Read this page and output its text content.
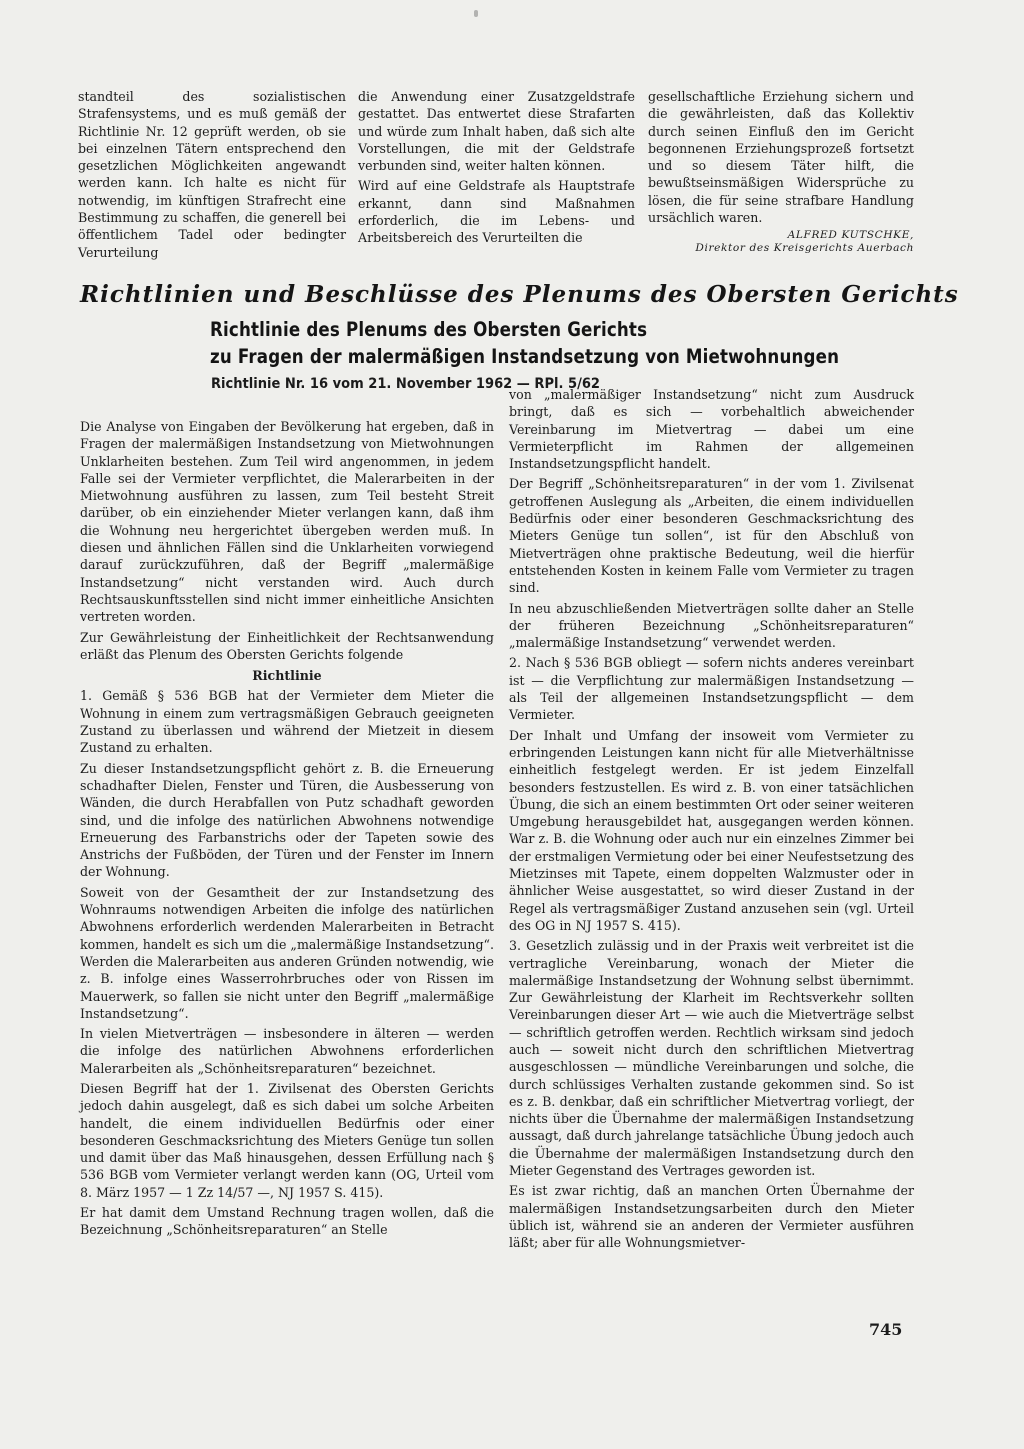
standteil des sozialistischen Strafensystems, und es muß gemäß der Richtlinie Nr. 12 geprüft werden, ob sie bei einzelnen Tätern entsprechend den gesetzlichen Möglichkeiten angewandt werden kann. Ich halte es nicht für notwendig, im künftigen Strafrecht eine Bestimmung zu schaffen, die generell bei öffentlichem Tadel oder bedingter Verurteilung

die Anwendung einer Zusatzgeldstrafe gestattet. Das entwertet diese Strafarten und würde zum Inhalt haben, daß sich alte Vorstellungen, die mit der Geldstrafe verbunden sind, weiter halten können.

Wird auf eine Geldstrafe als Hauptstrafe erkannt, dann sind Maßnahmen erforderlich, die im Lebens- und Arbeitsbereich des Verurteilten die

gesellschaftliche Erziehung sichern und die gewährleisten, daß das Kollektiv durch seinen Einfluß den im Gericht begonnenen Erziehungsprozeß fortsetzt und so diesem Täter hilft, die bewußtseinsmäßigen Widersprüche zu lösen, die für seine strafbare Handlung ursächlich waren.

ALFRED KUTSCHKE,
Direktor des Kreisgerichts Auerbach
Richtlinien und Beschlüsse des Plenums des Obersten Gerichts
Richtlinie des Plenums des Obersten Gerichts
zu Fragen der malermäßigen Instandsetzung von Mietwohnungen
Richtlinie Nr. 16 vom 21. November 1962 — RPl. 5/62

Die Analyse von Eingaben der Bevölkerung hat ergeben, daß in Fragen der malermäßigen Instandsetzung von Mietwohnungen Unklarheiten bestehen. Zum Teil wird angenommen, in jedem Falle sei der Vermieter verpflichtet, die Malerarbeiten in der Mietwohnung ausführen zu lassen, zum Teil besteht Streit darüber, ob ein einziehender Mieter verlangen kann, daß ihm die Wohnung neu hergerichtet übergeben werden muß. In diesen und ähnlichen Fällen sind die Unklarheiten vorwiegend darauf zurückzuführen, daß der Begriff „malermäßige Instandsetzung“ nicht verstanden wird. Auch durch Rechtsauskunftsstellen sind nicht immer einheitliche Ansichten vertreten worden.

Zur Gewährleistung der Einheitlichkeit der Rechtsanwendung erläßt das Plenum des Obersten Gerichts folgende

Richtlinie

1. Gemäß § 536 BGB hat der Vermieter dem Mieter die Wohnung in einem zum vertragsmäßigen Gebrauch geeigneten Zustand zu überlassen und während der Mietzeit in diesem Zustand zu erhalten.

Zu dieser Instandsetzungspflicht gehört z. B. die Erneuerung schadhafter Dielen, Fenster und Türen, die Ausbesserung von Wänden, die durch Herabfallen von Putz schadhaft geworden sind, und die infolge des natürlichen Abwohnens notwendige Erneuerung des Farbanstrichs oder der Tapeten sowie des Anstrichs der Fußböden, der Türen und der Fenster im Innern der Wohnung.

Soweit von der Gesamtheit der zur Instandsetzung des Wohnraums notwendigen Arbeiten die infolge des natürlichen Abwohnens erforderlich werdenden Malerarbeiten in Betracht kommen, handelt es sich um die „malermäßige Instandsetzung“. Werden die Malerarbeiten aus anderen Gründen notwendig, wie z. B. infolge eines Wasserrohrbruches oder von Rissen im Mauerwerk, so fallen sie nicht unter den Begriff „malermäßige Instandsetzung“.

In vielen Mietverträgen — insbesondere in älteren — werden die infolge des natürlichen Abwohnens erforderlichen Malerarbeiten als „Schönheitsreparaturen“ bezeichnet.

Diesen Begriff hat der 1. Zivilsenat des Obersten Gerichts jedoch dahin ausgelegt, daß es sich dabei um solche Arbeiten handelt, die einem individuellen Bedürfnis oder einer besonderen Geschmacksrichtung des Mieters Genüge tun sollen und damit über das Maß hinausgehen, dessen Erfüllung nach § 536 BGB vom Vermieter verlangt werden kann (OG, Urteil vom 8. März 1957 — 1 Zz 14/57 —, NJ 1957 S. 415).

Er hat damit dem Umstand Rechnung tragen wollen, daß die Bezeichnung „Schönheitsreparaturen“ an Stelle

von „malermäßiger Instandsetzung“ nicht zum Ausdruck bringt, daß es sich — vorbehaltlich abweichender Vereinbarung im Mietvertrag — dabei um eine Vermieterpflicht im Rahmen der allgemeinen Instandsetzungspflicht handelt.

Der Begriff „Schönheitsreparaturen“ in der vom 1. Zivilsenat getroffenen Auslegung als „Arbeiten, die einem individuellen Bedürfnis oder einer besonderen Geschmacksrichtung des Mieters Genüge tun sollen“, ist für den Abschluß von Mietverträgen ohne praktische Bedeutung, weil die hierfür entstehenden Kosten in keinem Falle vom Vermieter zu tragen sind.

In neu abzuschließenden Mietverträgen sollte daher an Stelle der früheren Bezeichnung „Schönheitsreparaturen“ „malermäßige Instandsetzung“ verwendet werden.

2. Nach § 536 BGB obliegt — sofern nichts anderes vereinbart ist — die Verpflichtung zur malermäßigen Instandsetzung — als Teil der allgemeinen Instandsetzungspflicht — dem Vermieter.

Der Inhalt und Umfang der insoweit vom Vermieter zu erbringenden Leistungen kann nicht für alle Mietverhältnisse einheitlich festgelegt werden. Er ist jedem Einzelfall besonders festzustellen. Es wird z. B. von einer tatsächlichen Übung, die sich an einem bestimmten Ort oder seiner weiteren Umgebung herausgebildet hat, ausgegangen werden können. War z. B. die Wohnung oder auch nur ein einzelnes Zimmer bei der erstmaligen Vermietung oder bei einer Neufestsetzung des Mietzinses mit Tapete, einem doppelten Walzmuster oder in ähnlicher Weise ausgestattet, so wird dieser Zustand in der Regel als vertragsmäßiger Zustand anzusehen sein (vgl. Urteil des OG in NJ 1957 S. 415).

3. Gesetzlich zulässig und in der Praxis weit verbreitet ist die vertragliche Vereinbarung, wonach der Mieter die malermäßige Instandsetzung der Wohnung selbst übernimmt. Zur Gewährleistung der Klarheit im Rechtsverkehr sollten Vereinbarungen dieser Art — wie auch die Mietverträge selbst — schriftlich getroffen werden. Rechtlich wirksam sind jedoch auch — soweit nicht durch den schriftlichen Mietvertrag ausgeschlossen — mündliche Vereinbarungen und solche, die durch schlüssiges Verhalten zustande gekommen sind. So ist es z. B. denkbar, daß ein schriftlicher Mietvertrag vorliegt, der nichts über die Übernahme der malermäßigen Instandsetzung aussagt, daß durch jahrelange tatsächliche Übung jedoch auch die Übernahme der malermäßigen Instandsetzung durch den Mieter Gegenstand des Vertrages geworden ist.

Es ist zwar richtig, daß an manchen Orten Übernahme der malermäßigen Instandsetzungsarbeiten durch den Mieter üblich ist, während sie an anderen der Vermieter ausführen läßt; aber für alle Wohnungsmietver-

745
